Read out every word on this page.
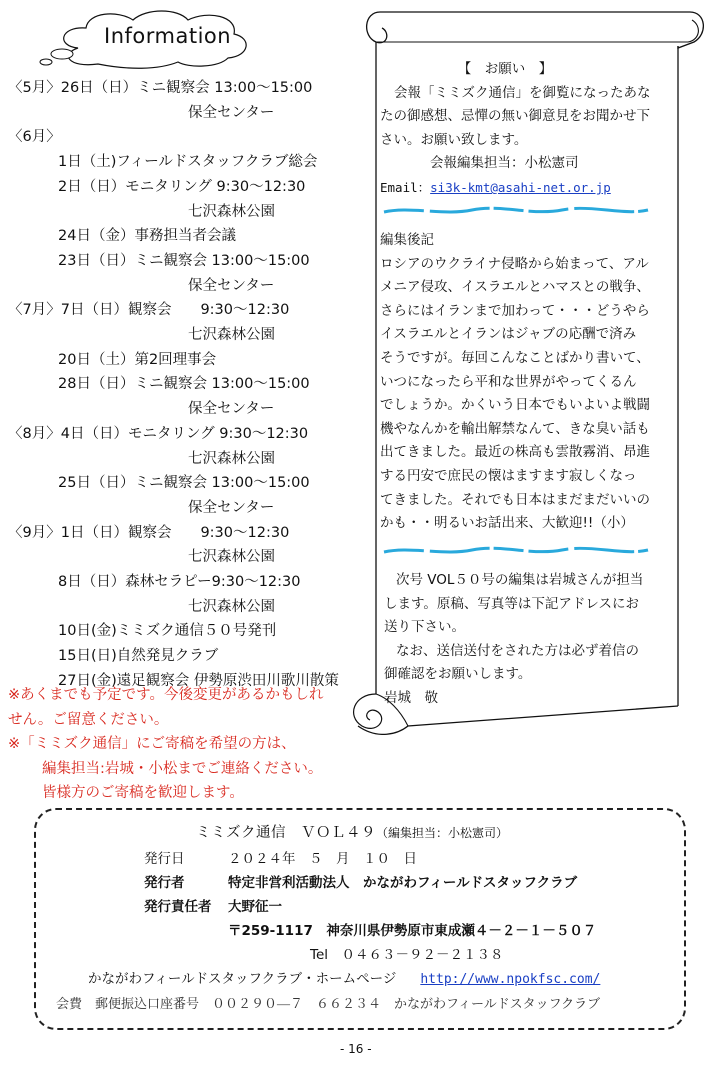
Information
〈5月〉26日（日）ミニ観察会 13:00～15:00
保全センター
〈6月〉
1日（土)フィールドスタッフクラブ総会
2日（日）モニタリング 9:30～12:30
七沢森林公園
24日（金）事務担当者会議
23日（日）ミニ観察会 13:00～15:00
保全センター
〈7月〉7日（日）観察会　　9:30～12:30
七沢森林公園
20日（土）第2回理事会
28日（日）ミニ観察会 13:00～15:00
保全センター
〈8月〉4日（日）モニタリング 9:30～12:30
七沢森林公園
25日（日）ミニ観察会 13:00～15:00
保全センター
〈9月〉1日（日）観察会　　9:30～12:30
七沢森林公園
8日（日）森林セラピー9:30～12:30
七沢森林公園
10日(金)ミミズク通信５０号発刊
15日(日)自然発見クラブ
27日(金)遠足観察会 伊勢原渋田川歌川散策
※あくまでも予定です。今後変更があるかもしれ
せん。ご留意ください。
※「ミミズク通信」にご寄稿を希望の方は、
編集担当:岩城・小松までご連絡ください。
皆様方のご寄稿を歓迎します。
【　お願い　】
会報「ミミズク通信」を御覧になったあな
たの御感想、忌憚の無い御意見をお聞かせ下
さい。お願い致します。
会報編集担当：小松憲司
Email：si3k-kmt@asahi-net.or.jp
編集後記
ロシアのウクライナ侵略から始まって、アル
メニア侵攻、イスラエルとハマスとの戦争、
さらにはイランまで加わって・・・どうやら
イスラエルとイランはジャブの応酬で済み
そうですが。毎回こんなことばかり書いて、
いつになったら平和な世界がやってくるん
でしょうか。かくいう日本でもいよいよ戦闘
機やなんかを輸出解禁なんて、きな臭い話も
出てきました。最近の株高も雲散霧消、昂進
する円安で庶民の懐はますます寂しくなっ
てきました。それでも日本はまだまだいいの
かも・・明るいお話出来、大歓迎!!（小）
次号 VOL５０号の編集は岩城さんが担当
します。原稿、写真等は下記アドレスにお
送り下さい。
なお、送信送付をされた方は必ず着信の
御確認をお願いします。
岩城　敬
ミミズク通信　ＶＯＬ４９（編集担当：小松憲司）
発行日	２０２４年　５　月　１０　日
発行者	特定非営利活動法人　かながわフィールドスタッフクラブ
発行責任者 大野征一
〒259-1117　神奈川県伊勢原市東成瀬４－２－１－５０７
Tel　０４６３－９２－２１３８
かながわフィールドスタッフクラブ・ホームページ http://www.npokfsc.com/
会費　郵便振込口座番号　００２９０—７　６６２３４　かながわフィールドスタッフクラブ
- 16 -
